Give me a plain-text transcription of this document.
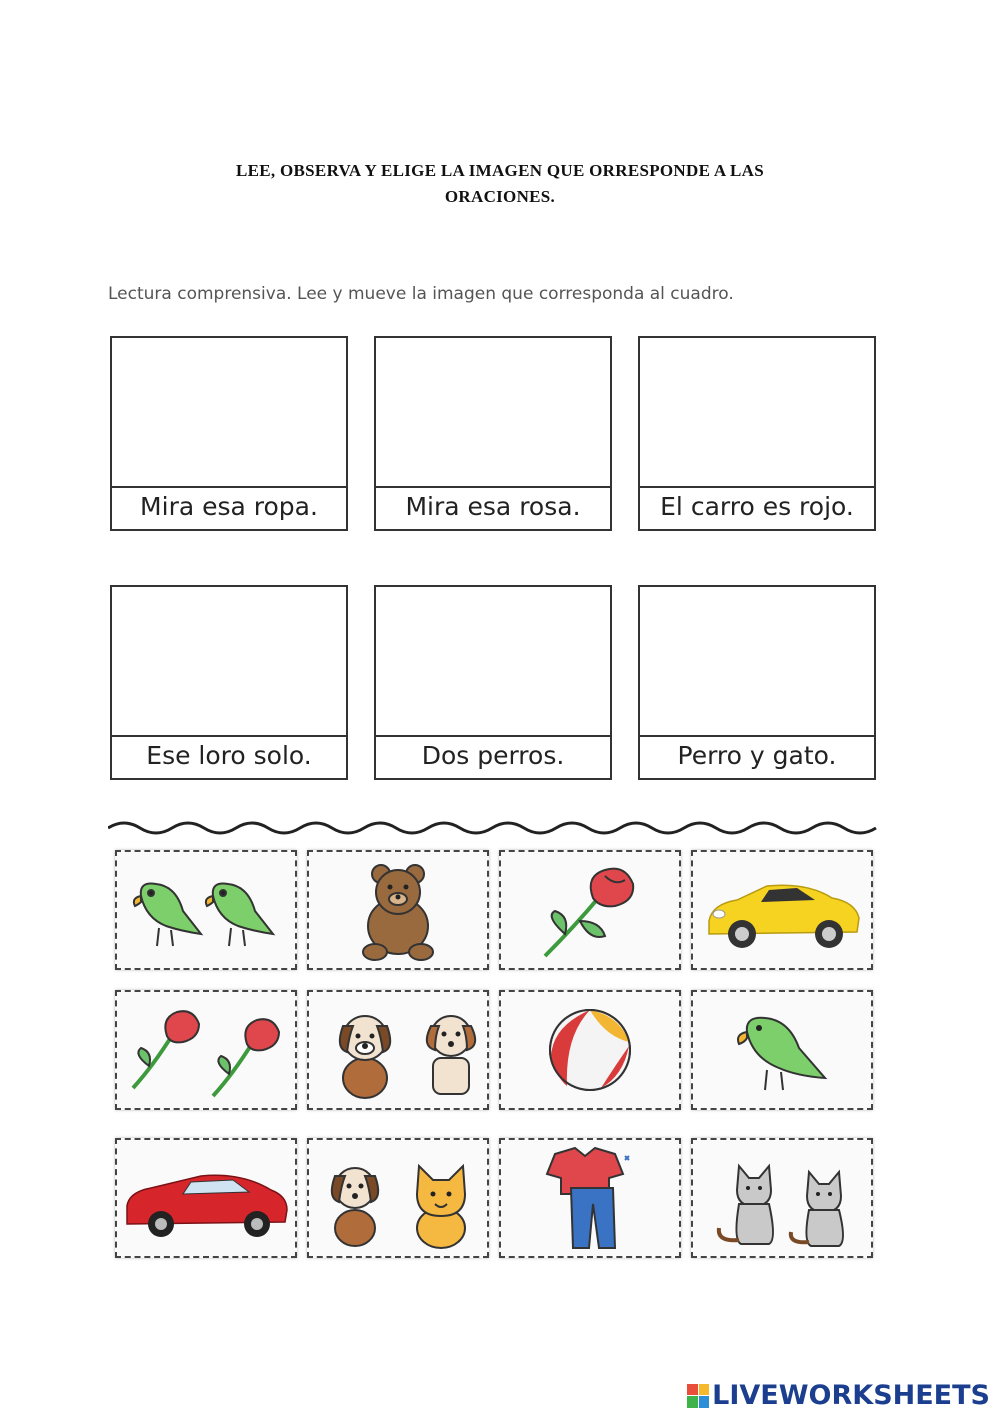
LEE, OBSERVA Y ELIGE LA IMAGEN QUE ORRESPONDE A LAS
ORACIONES.
Lectura comprensiva. Lee y mueve la imagen que corresponda al cuadro.
Mira esa ropa.	Mira esa rosa.	El carro es rojo.
Ese loro solo.	Dos perros.	Perro y gato.
LIVEWORKSHEETS
